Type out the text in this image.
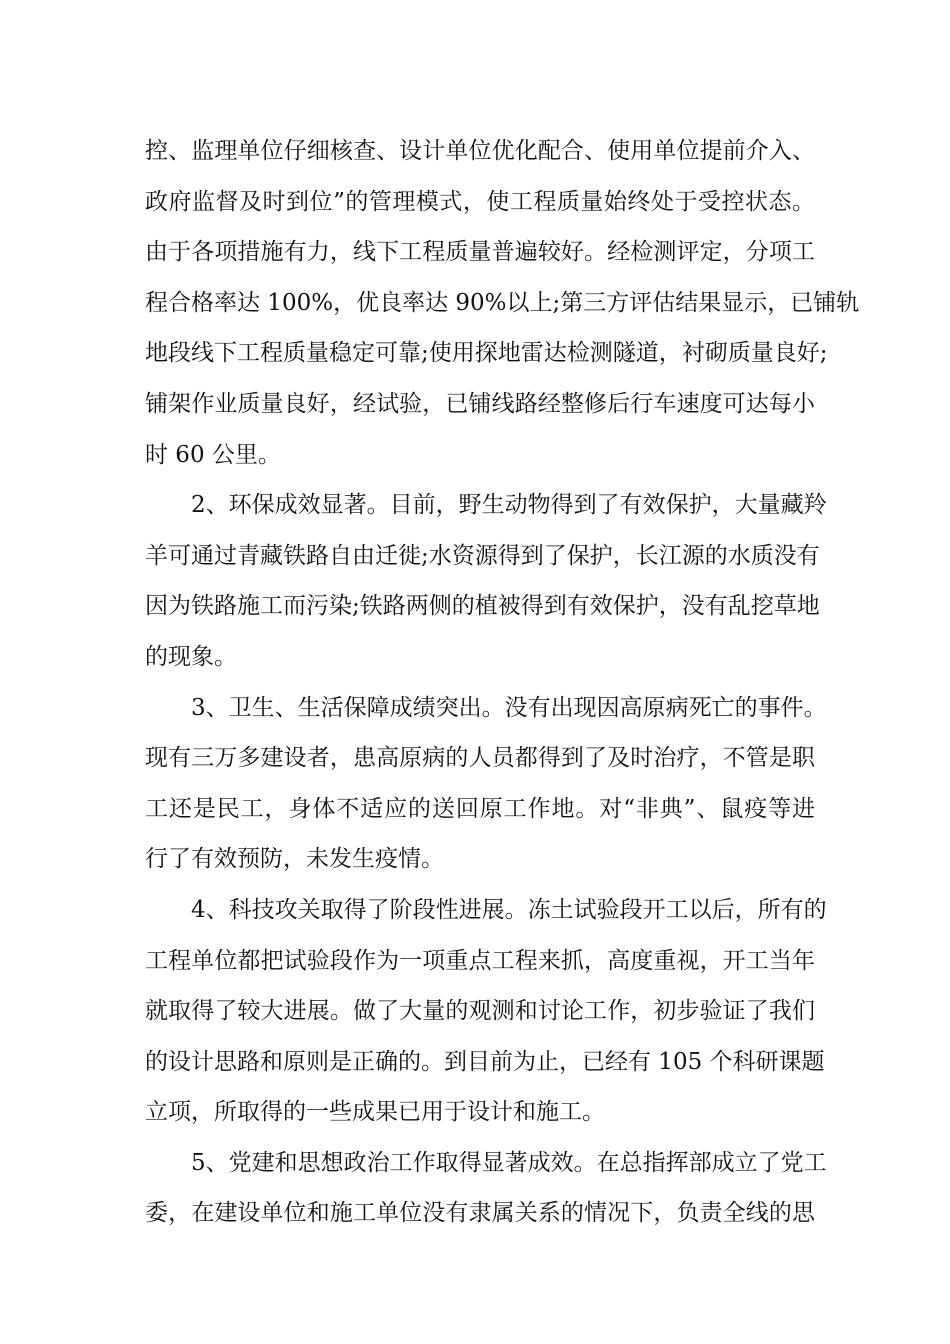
控、监理单位仔细核查、设计单位优化配合、使用单位提前介入、
政府监督及时到位”的管理模式，使工程质量始终处于受控状态。
由于各项措施有力，线下工程质量普遍较好。经检测评定，分项工
程合格率达 100%，优良率达 90%以上;第三方评估结果显示，已铺轨
地段线下工程质量稳定可靠;使用探地雷达检测隧道，衬砌质量良好;
铺架作业质量良好，经试验，已铺线路经整修后行车速度可达每小
时 60 公里。
2、环保成效显著。目前，野生动物得到了有效保护，大量藏羚
羊可通过青藏铁路自由迁徙;水资源得到了保护，长江源的水质没有
因为铁路施工而污染;铁路两侧的植被得到有效保护，没有乱挖草地
的现象。
3、卫生、生活保障成绩突出。没有出现因高原病死亡的事件。
现有三万多建设者，患高原病的人员都得到了及时治疗，不管是职
工还是民工，身体不适应的送回原工作地。对“非典”、鼠疫等进
行了有效预防，未发生疫情。
4、科技攻关取得了阶段性进展。冻土试验段开工以后，所有的
工程单位都把试验段作为一项重点工程来抓，高度重视，开工当年
就取得了较大进展。做了大量的观测和讨论工作，初步验证了我们
的设计思路和原则是正确的。到目前为止，已经有 105 个科研课题
立项，所取得的一些成果已用于设计和施工。
5、党建和思想政治工作取得显著成效。在总指挥部成立了党工
委，在建设单位和施工单位没有隶属关系的情况下，负责全线的思
